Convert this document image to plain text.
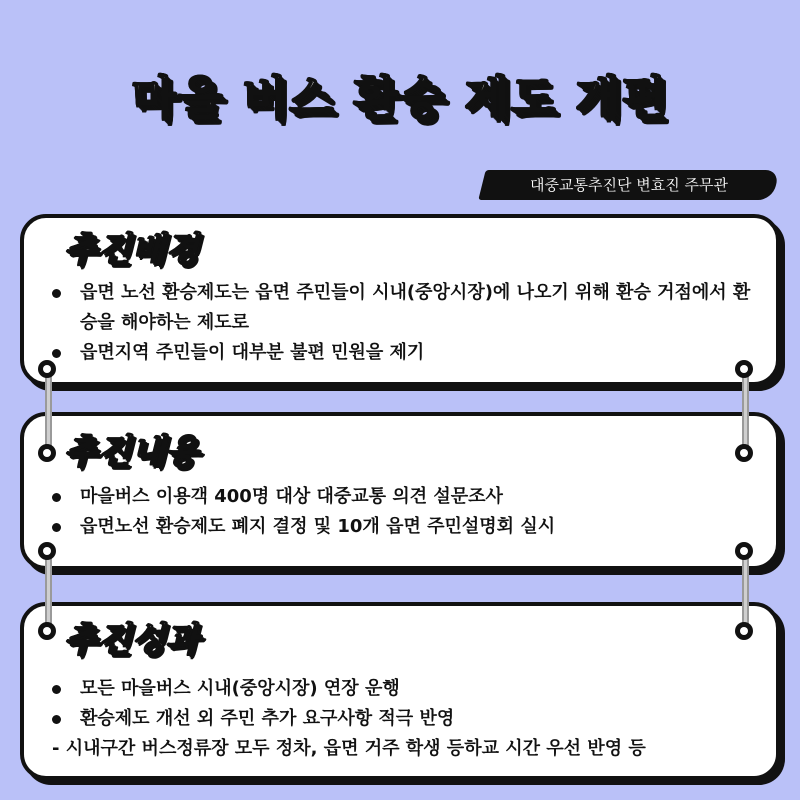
마을 버스 환승 제도 개편
대중교통추진단 변효진 주무관
추진배경
읍면 노선 환승제도는 읍면 주민들이 시내(중앙시장)에 나오기 위해 환승 거점에서 환승을 해야하는 제도로
읍면지역 주민들이 대부분 불편 민원을 제기
추진내용
마을버스 이용객 400명 대상 대중교통 의견 설문조사
읍면노선 환승제도 폐지 결정 및 10개 읍면 주민설명회 실시
추진성과
모든 마을버스 시내(중앙시장) 연장 운행
환승제도 개선 외 주민 추가 요구사항 적극 반영
- 시내구간 버스정류장 모두 정차, 읍면 거주 학생 등하교 시간 우선 반영 등
